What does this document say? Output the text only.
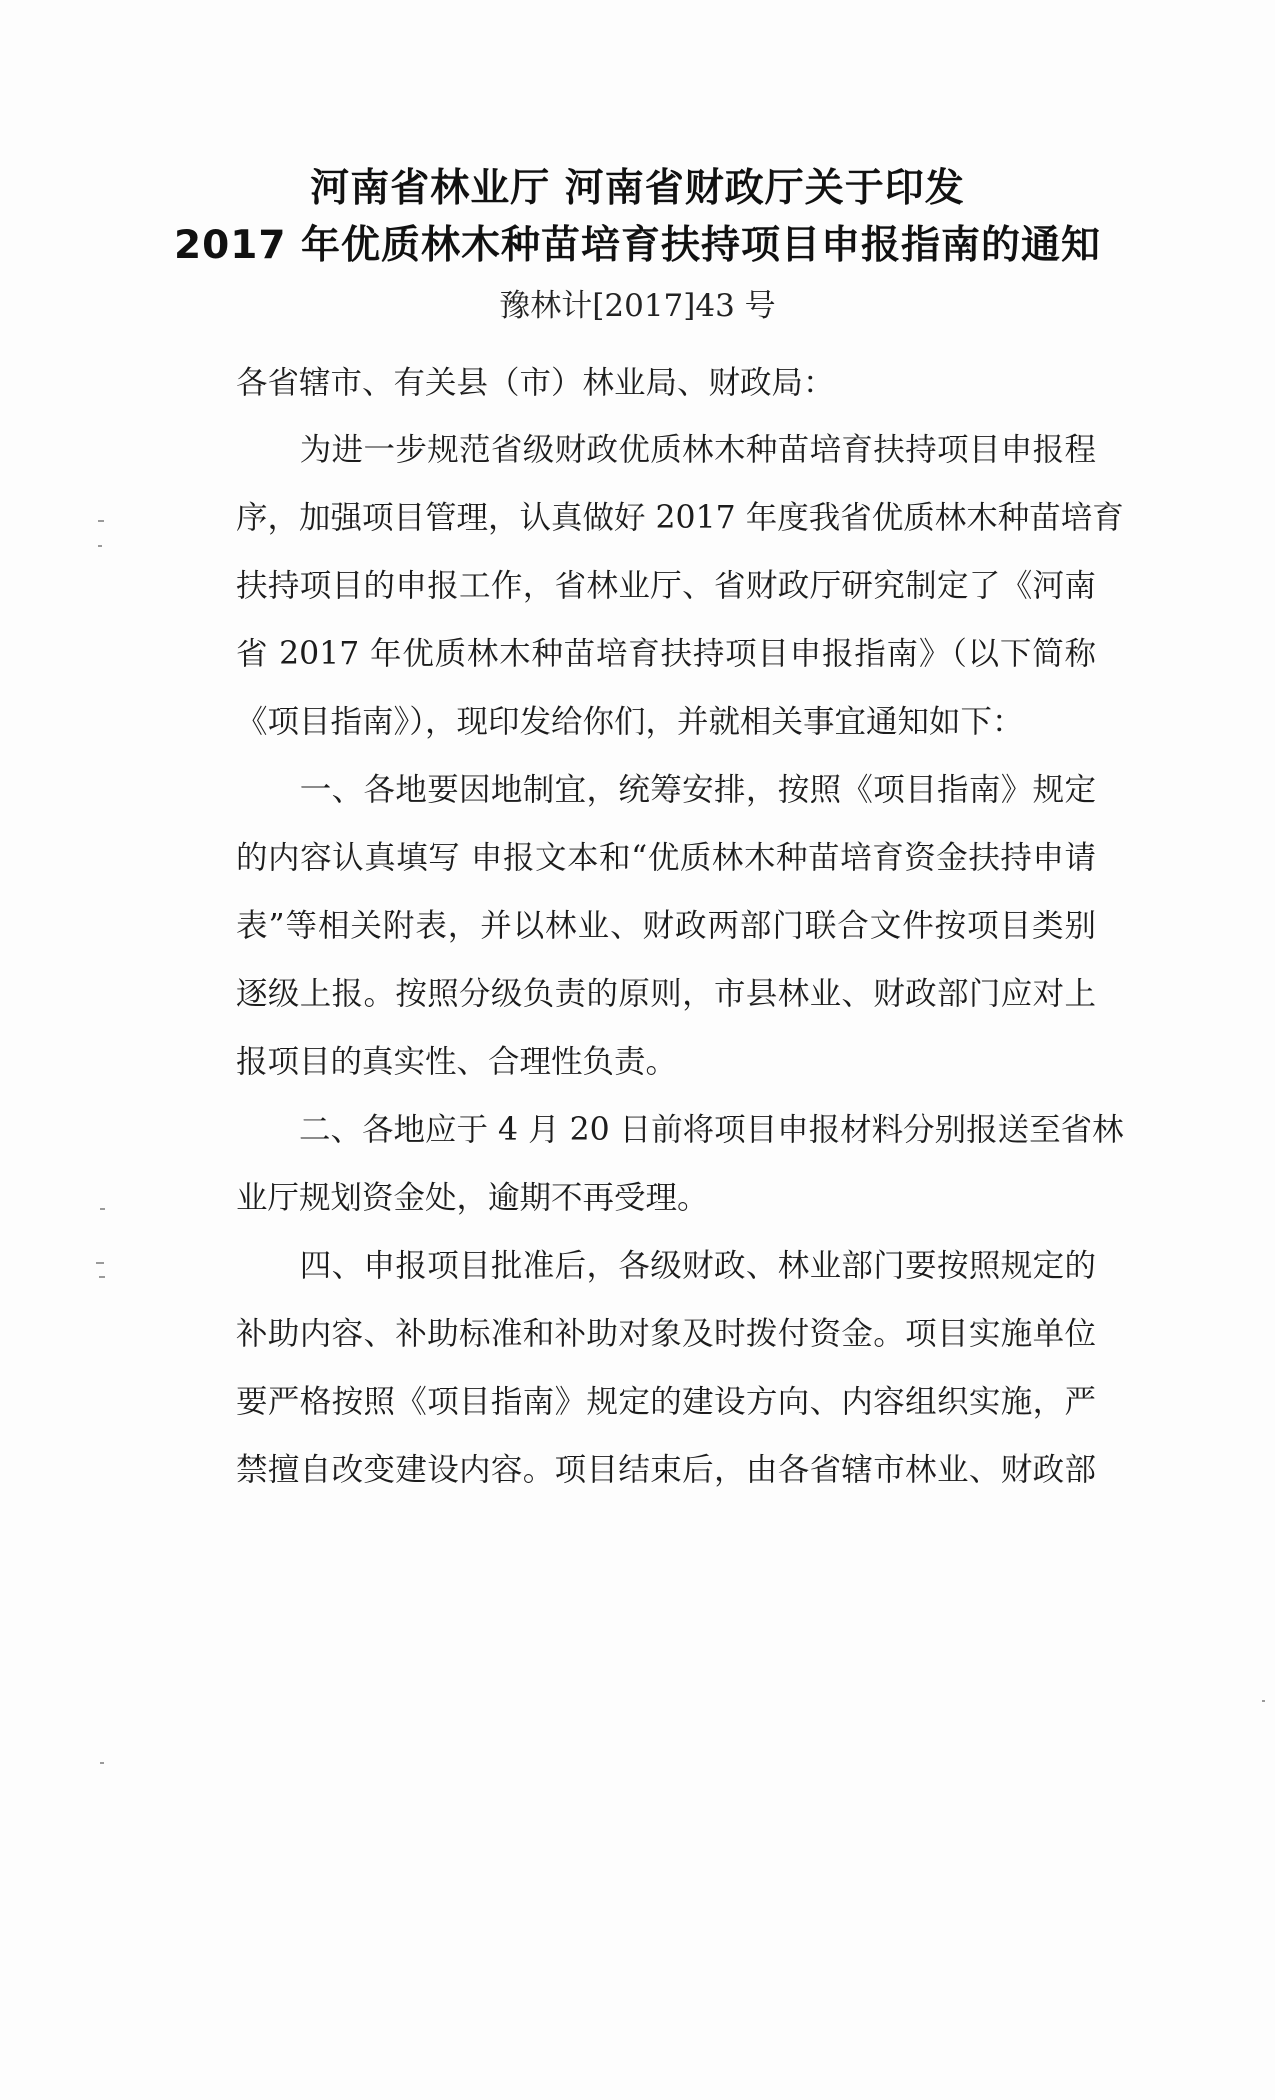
河南省林业厅 河南省财政厅关于印发
2017 年优质林木种苗培育扶持项目申报指南的通知
豫林计[2017]43 号
各省辖市、有关县（市）林业局、财政局：
　　为进一步规范省级财政优质林木种苗培育扶持项目申报程
序，加强项目管理，认真做好 2017 年度我省优质林木种苗培育
扶持项目的申报工作，省林业厅、省财政厅研究制定了《河南
省 2017 年优质林木种苗培育扶持项目申报指南》（以下简称
《项目指南》），现印发给你们，并就相关事宜通知如下：
　　一、各地要因地制宜，统筹安排，按照《项目指南》规定
的内容认真填写 申报文本和“优质林木种苗培育资金扶持申请
表”等相关附表，并以林业、财政两部门联合文件按项目类别
逐级上报。按照分级负责的原则，市县林业、财政部门应对上
报项目的真实性、合理性负责。
　　二、各地应于 4 月 20 日前将项目申报材料分别报送至省林
业厅规划资金处，逾期不再受理。
　　四、申报项目批准后，各级财政、林业部门要按照规定的
补助内容、补助标准和补助对象及时拨付资金。项目实施单位
要严格按照《项目指南》规定的建设方向、内容组织实施，严
禁擅自改变建设内容。项目结束后，由各省辖市林业、财政部
